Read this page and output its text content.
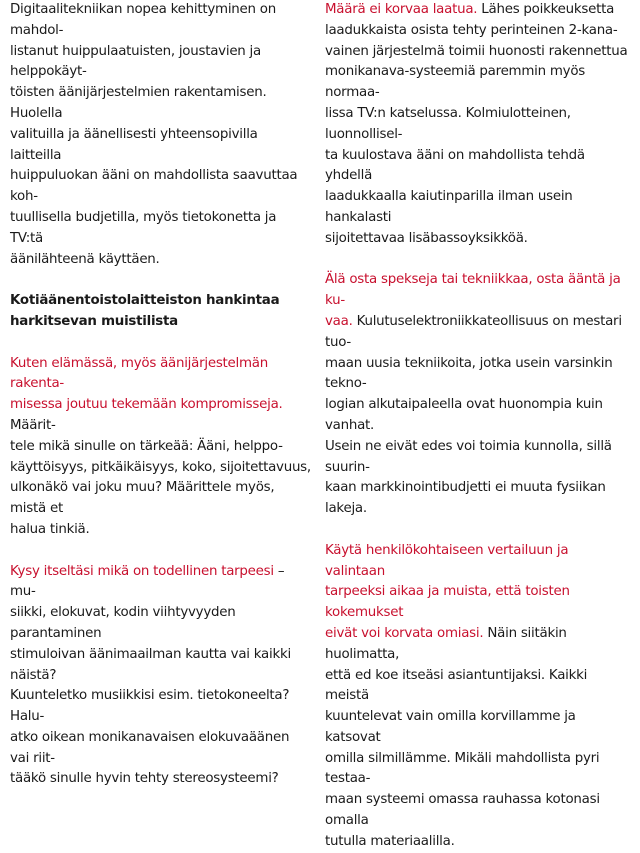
Digitaalitekniikan nopea kehittyminen on mahdol-

listanut huippulaatuisten, joustavien ja helppokäyt-

töisten äänijärjestelmien rakentamisen. Huolella

valituilla ja äänellisesti yhteensopivilla laitteilla

huippuluokan ääni on mahdollista saavuttaa koh-

tuullisella budjetilla, myös tietokonetta ja TV:tä

äänilähteenä käyttäen.

Kotiäänentoistolaitteiston hankintaa

harkitsevan muistilista

Kuten elämässä, myös äänijärjestelmän rakenta-

misessa joutuu tekemään kompromisseja. Määrit-

tele mikä sinulle on tärkeää: Ääni, helppo-

käyttöisyys, pitkäikäisyys, koko, sijoitettavuus,

ulkonäkö vai joku muu? Määrittele myös, mistä et

halua tinkiä.

Kysy itseltäsi mikä on todellinen tarpeesi – mu-

siikki, elokuvat, kodin viihtyvyyden parantaminen

stimuloivan äänimaailman kautta vai kaikki näistä?

Kuunteletko musiikkisi esim. tietokoneelta? Halu-

atko oikean monikanavaisen elokuvaäänen vai riit-

tääkö sinulle hyvin tehty stereosysteemi?

Määrä ei korvaa laatua. Lähes poikkeuksetta

laadukkaista osista tehty perinteinen 2-kana-

vainen järjestelmä toimii huonosti rakennettua

monikanava-systeemiä paremmin myös normaa-

lissa TV:n katselussa. Kolmiulotteinen, luonnollisel-

ta kuulostava ääni on mahdollista tehdä yhdellä

laadukkaalla kaiutinparilla ilman usein hankalasti

sijoitettavaa lisäbassoyksikköä.

Älä osta spekseja tai tekniikkaa, osta ääntä ja ku-

vaa. Kulutuselektroniikkateollisuus on mestari tuo-

maan uusia tekniikoita, jotka usein varsinkin tekno-

logian alkutaipaleella ovat huonompia kuin vanhat.

Usein ne eivät edes voi toimia kunnolla, sillä suurin-

kaan markkinointibudjetti ei muuta fysiikan lakeja.

Käytä henkilökohtaiseen vertailuun ja valintaan

tarpeeksi aikaa ja muista, että toisten kokemukset

eivät voi korvata omiasi. Näin siitäkin huolimatta,

että ed koe itseäsi asiantuntijaksi. Kaikki meistä

kuuntelevat vain omilla korvillamme ja katsovat

omilla silmillämme. Mikäli mahdollista pyri testaa-

maan systeemi omassa rauhassa kotonasi omalla

tutulla materiaalilla.
